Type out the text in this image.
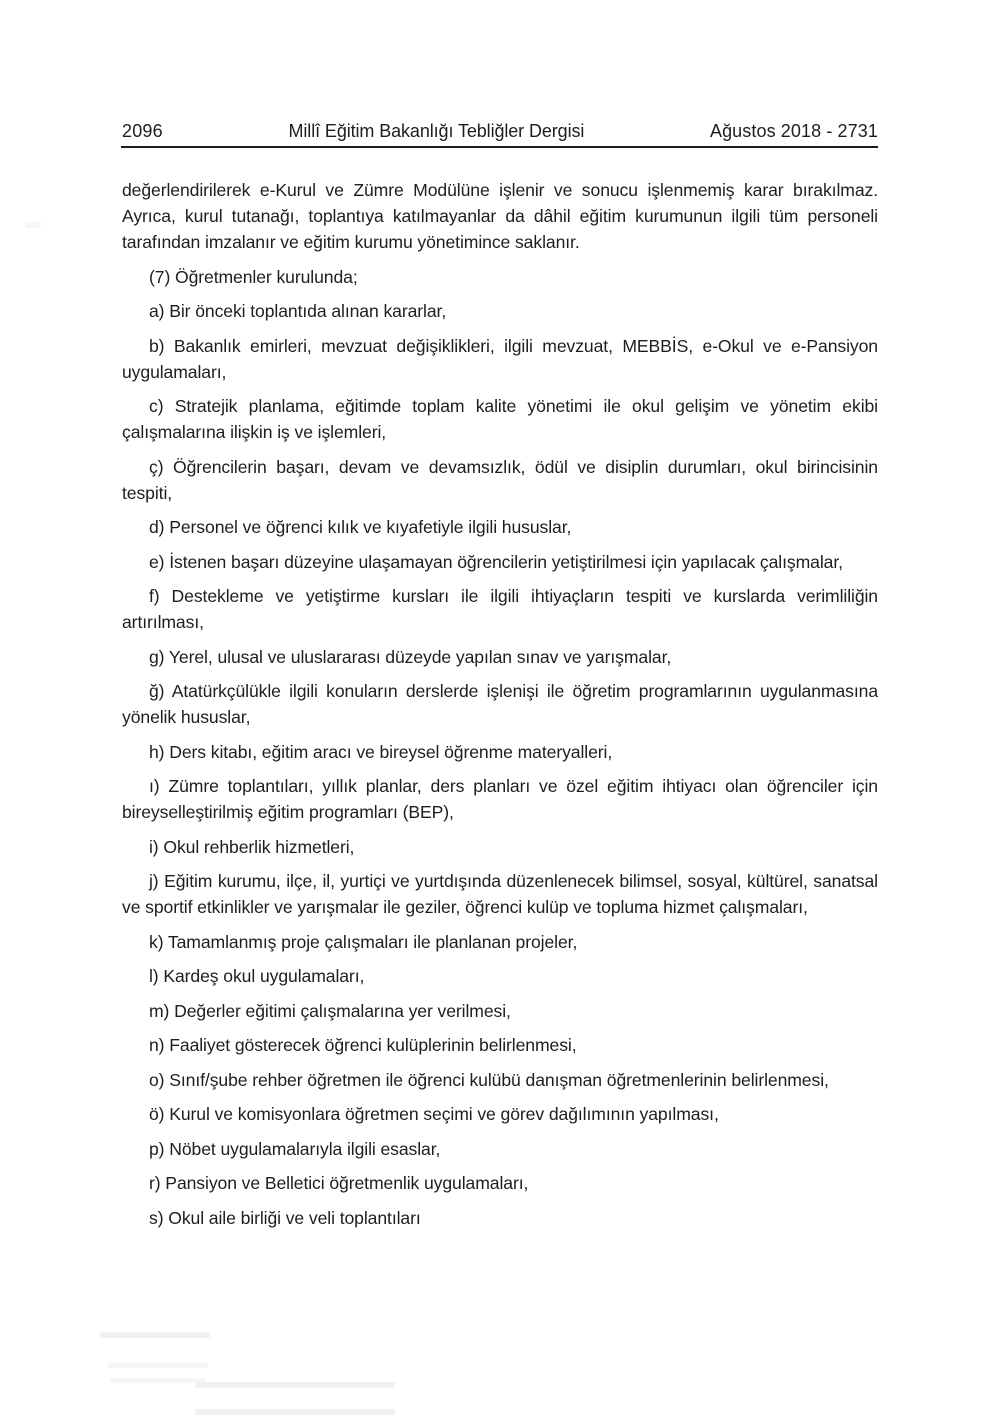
2096	Millî Eğitim Bakanlığı Tebliğler Dergisi	Ağustos 2018 - 2731

değerlendirilerek e-Kurul ve Zümre Modülüne işlenir ve sonucu işlenmemiş karar bırakılmaz. Ayrıca, kurul tutanağı, toplantıya katılmayanlar da dâhil eğitim kurumunun ilgili tüm personeli tarafından imzalanır ve eğitim kurumu yönetimince saklanır.

(7) Öğretmenler kurulunda;

a) Bir önceki toplantıda alınan kararlar,

b) Bakanlık emirleri, mevzuat değişiklikleri, ilgili mevzuat, MEBBİS, e-Okul ve e-Pansiyon uygulamaları,

c) Stratejik planlama, eğitimde toplam kalite yönetimi ile okul gelişim ve yönetim ekibi çalışmalarına ilişkin iş ve işlemleri,

ç) Öğrencilerin başarı, devam ve devamsızlık, ödül ve disiplin durumları, okul birincisinin tespiti,

d) Personel ve öğrenci kılık ve kıyafetiyle ilgili hususlar,

e) İstenen başarı düzeyine ulaşamayan öğrencilerin yetiştirilmesi için yapılacak çalışmalar,

f) Destekleme ve yetiştirme kursları ile ilgili ihtiyaçların tespiti ve kurslarda verimliliğin artırılması,

g) Yerel, ulusal ve uluslararası düzeyde yapılan sınav ve yarışmalar,

ğ) Atatürkçülükle ilgili konuların derslerde işlenişi ile öğretim programlarının uygulanmasına yönelik hususlar,

h) Ders kitabı, eğitim aracı ve bireysel öğrenme materyalleri,

ı) Zümre toplantıları, yıllık planlar, ders planları ve özel eğitim ihtiyacı olan öğrenciler için bireyselleştirilmiş eğitim programları (BEP),

i) Okul rehberlik hizmetleri,

j) Eğitim kurumu, ilçe, il, yurtiçi ve yurtdışında düzenlenecek bilimsel, sosyal, kültürel, sanatsal ve sportif etkinlikler ve yarışmalar ile geziler, öğrenci kulüp ve topluma hizmet çalışmaları,

k) Tamamlanmış proje çalışmaları ile planlanan projeler,

l) Kardeş okul uygulamaları,

m) Değerler eğitimi çalışmalarına yer verilmesi,

n) Faaliyet gösterecek öğrenci kulüplerinin belirlenmesi,

o) Sınıf/şube rehber öğretmen ile öğrenci kulübü danışman öğretmenlerinin belirlenmesi,

ö) Kurul ve komisyonlara öğretmen seçimi ve görev dağılımının yapılması,

p) Nöbet uygulamalarıyla ilgili esaslar,

r) Pansiyon ve Belletici öğretmenlik uygulamaları,

s) Okul aile birliği ve veli toplantıları
